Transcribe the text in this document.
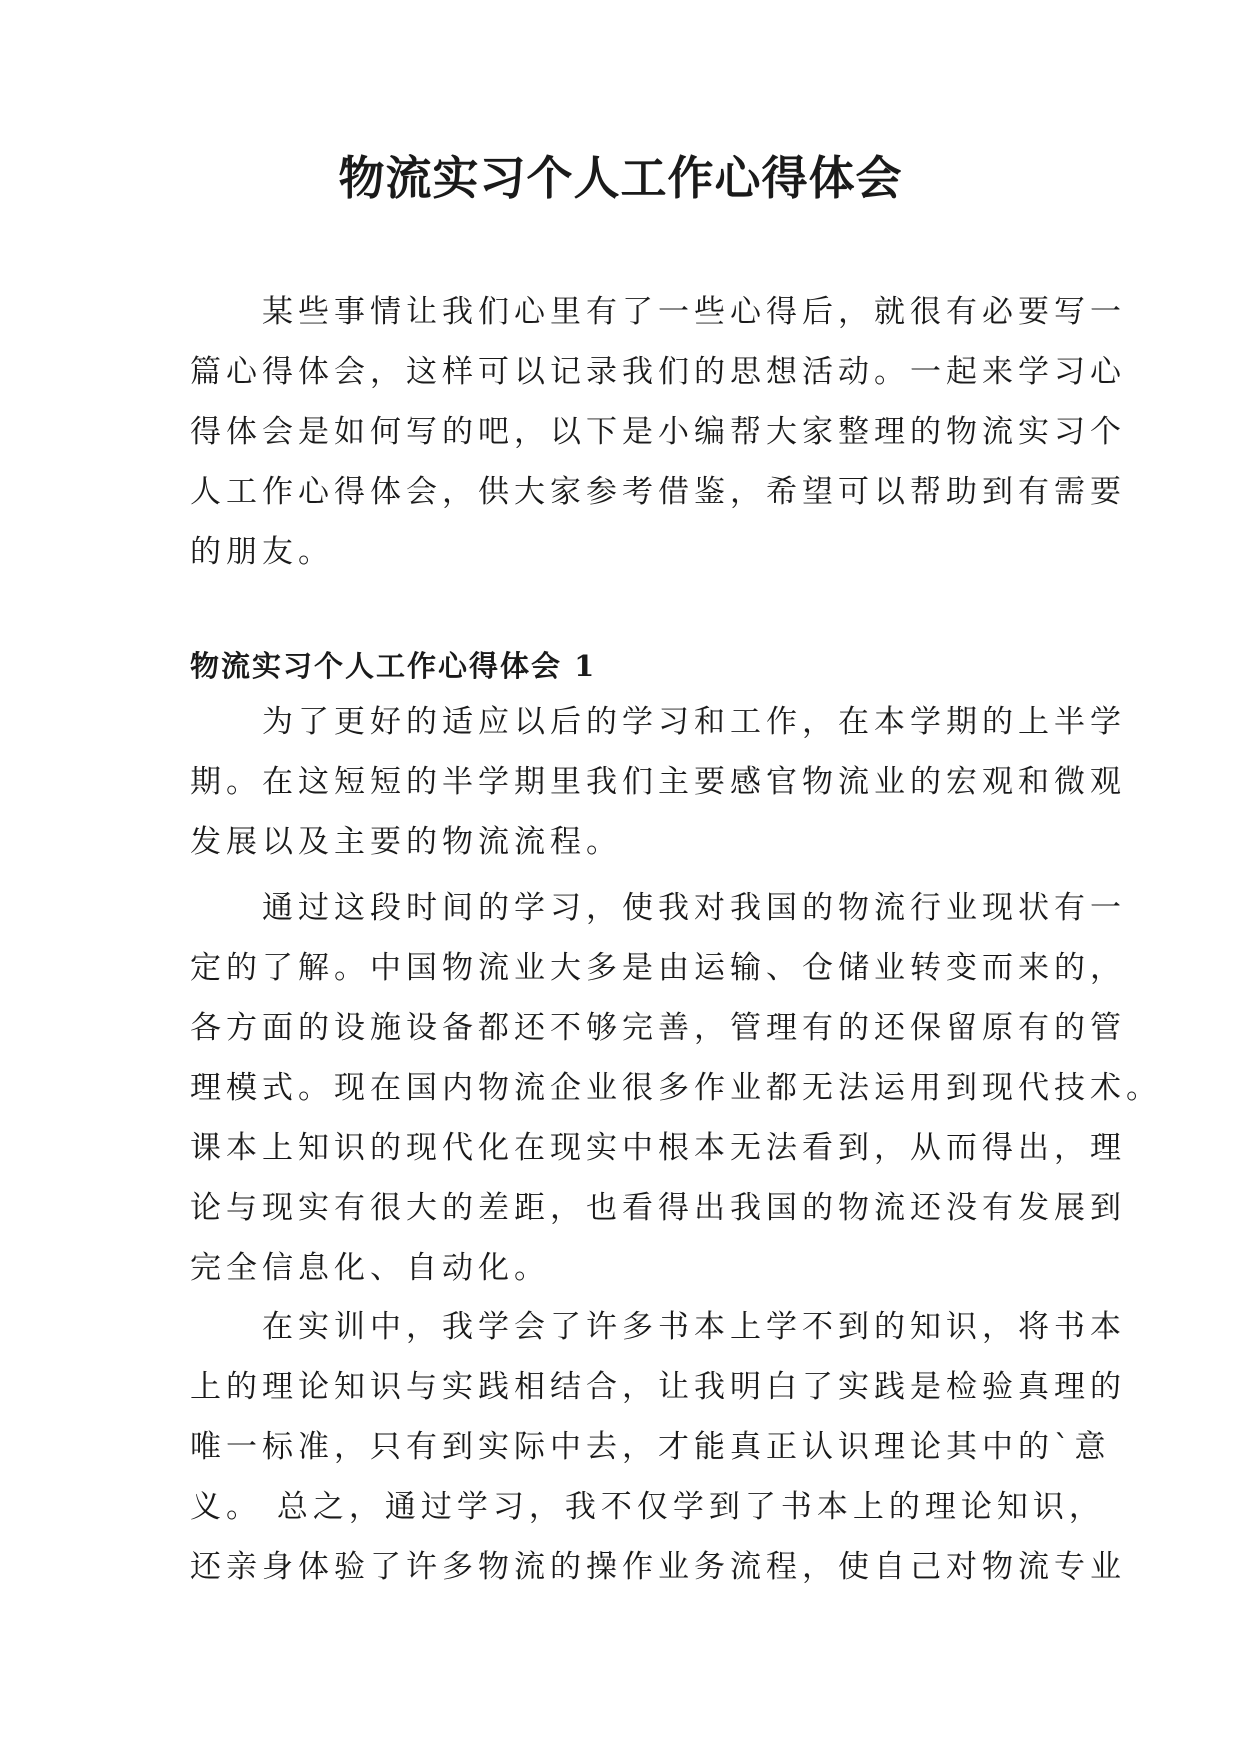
物流实习个人工作心得体会
　　某些事情让我们心里有了一些心得后，就很有必要写一
篇心得体会，这样可以记录我们的思想活动。一起来学习心
得体会是如何写的吧，以下是小编帮大家整理的物流实习个
人工作心得体会，供大家参考借鉴，希望可以帮助到有需要
的朋友。
物流实习个人工作心得体会 1
　　为了更好的适应以后的学习和工作，在本学期的上半学
期。在这短短的半学期里我们主要感官物流业的宏观和微观
发展以及主要的物流流程。
　　通过这段时间的学习，使我对我国的物流行业现状有一
定的了解。中国物流业大多是由运输、仓储业转变而来的，
各方面的设施设备都还不够完善，管理有的还保留原有的管
理模式。现在国内物流企业很多作业都无法运用到现代技术。
课本上知识的现代化在现实中根本无法看到，从而得出，理
论与现实有很大的差距，也看得出我国的物流还没有发展到
完全信息化、自动化。
　　在实训中，我学会了许多书本上学不到的知识，将书本
上的理论知识与实践相结合，让我明白了实践是检验真理的
唯一标准，只有到实际中去，才能真正认识理论其中的`意
义。 总之，通过学习，我不仅学到了书本上的理论知识，
还亲身体验了许多物流的操作业务流程，使自己对物流专业
